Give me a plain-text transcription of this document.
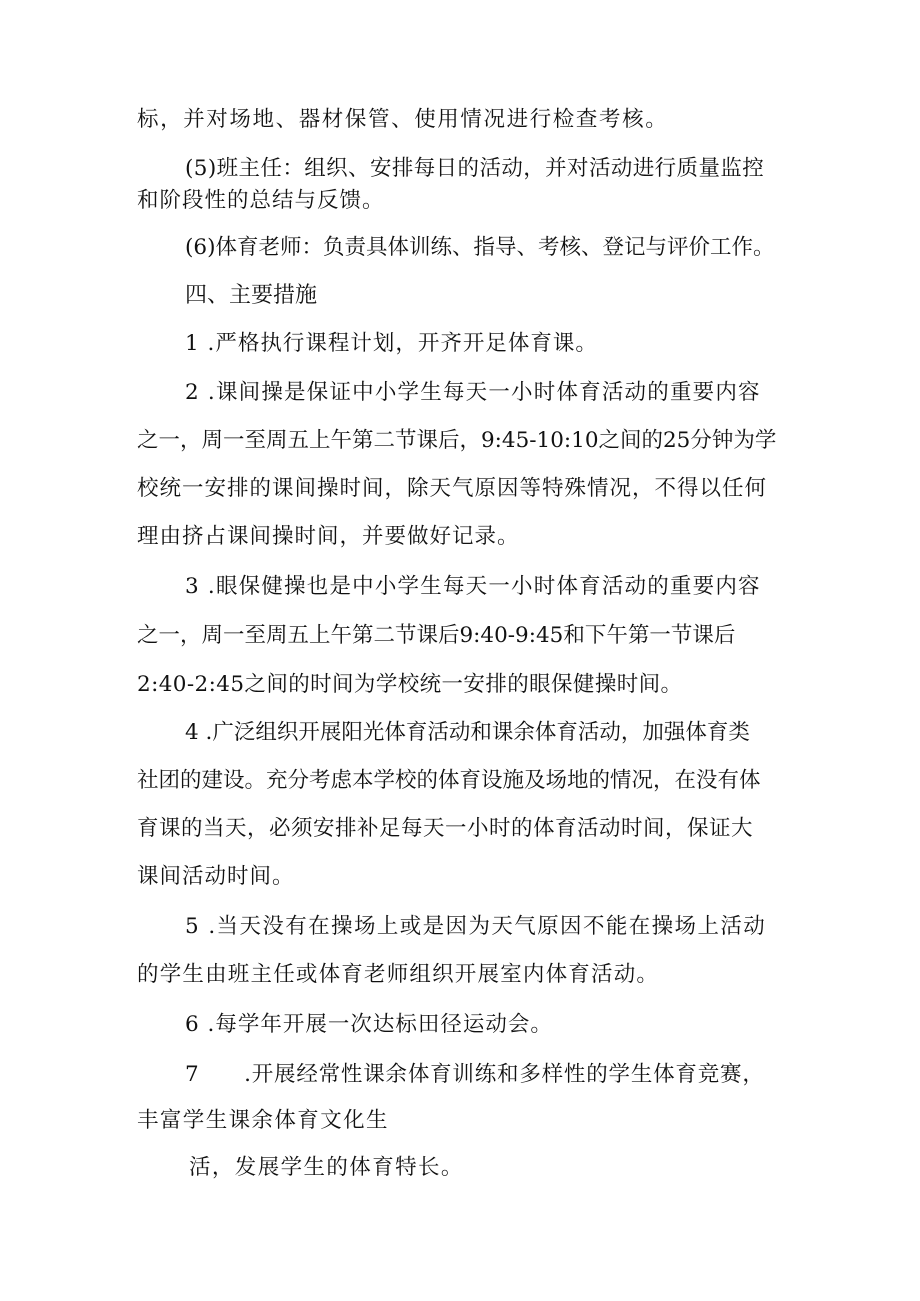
标，并对场地、器材保管、使用情况进行检查考核。

(5)班主任：组织、安排每日的活动，并对活动进行质量监控

和阶段性的总结与反馈。

(6)体育老师：负责具体训练、指导、考核、登记与评价工作。

四、主要措施

1 .严格执行课程计划，开齐开足体育课。

2 .课间操是保证中小学生每天一小时体育活动的重要内容

之一，周一至周五上午第二节课后，9:45-10:10之间的25分钟为学

校统一安排的课间操时间，除天气原因等特殊情况，不得以任何

理由挤占课间操时间，并要做好记录。

3 .眼保健操也是中小学生每天一小时体育活动的重要内容

之一，周一至周五上午第二节课后9:40-9:45和下午第一节课后

2:40-2:45之间的时间为学校统一安排的眼保健操时间。

4 .广泛组织开展阳光体育活动和课余体育活动，加强体育类

社团的建设。充分考虑本学校的体育设施及场地的情况，在没有体

育课的当天，必须安排补足每天一小时的体育活动时间，保证大

课间活动时间。

5 .当天没有在操场上或是因为天气原因不能在操场上活动

的学生由班主任或体育老师组织开展室内体育活动。

6 .每学年开展一次达标田径运动会。

7　　.开展经常性课余体育训练和多样性的学生体育竞赛，

丰富学生课余体育文化生

活，发展学生的体育特长。
